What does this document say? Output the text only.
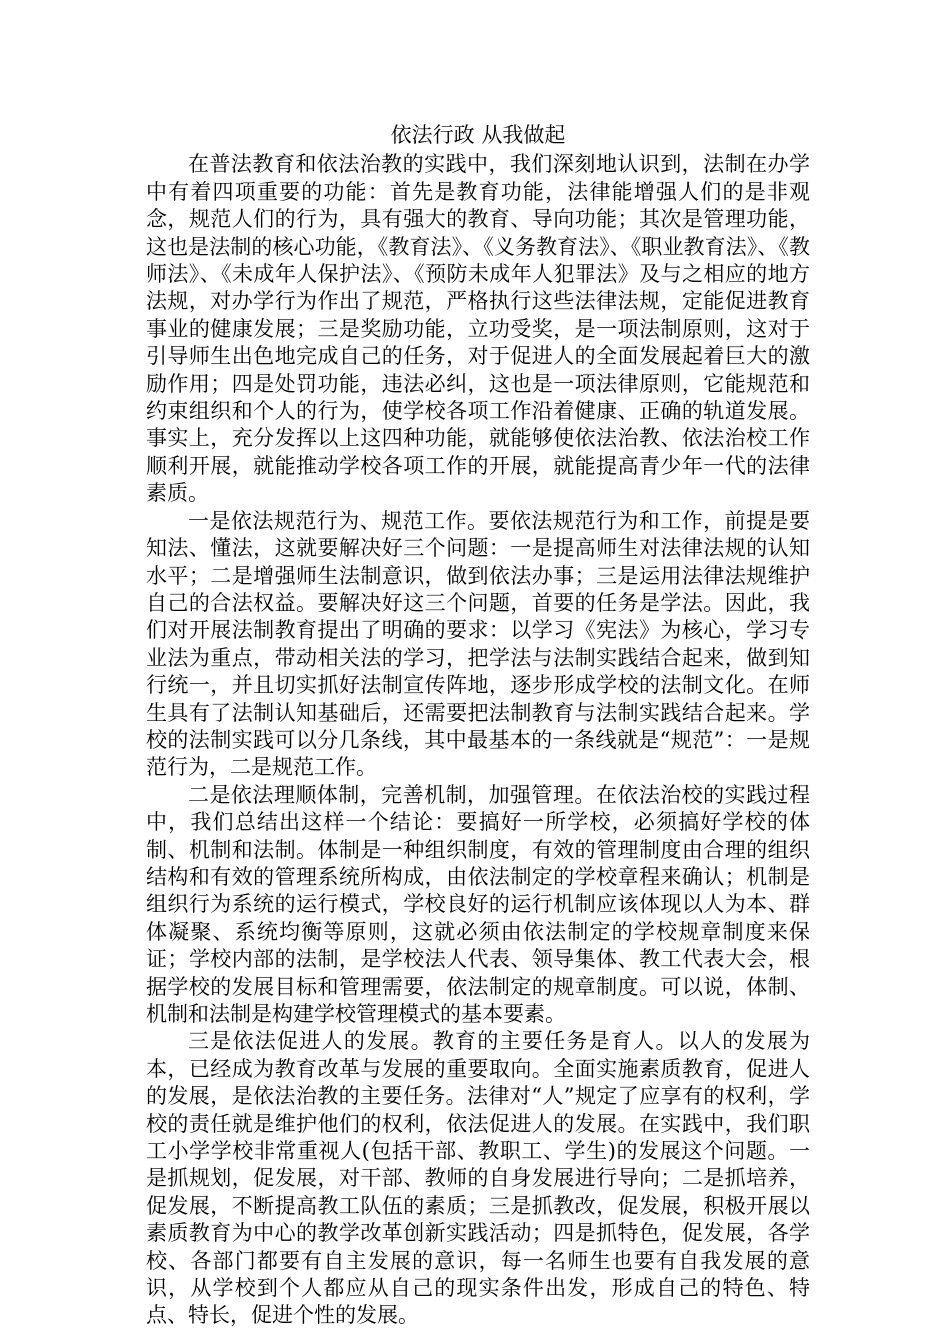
依法行政 从我做起

在普法教育和依法治教的实践中，我们深刻地认识到，法制在办学中有着四项重要的功能：首先是教育功能，法律能增强人们的是非观念，规范人们的行为，具有强大的教育、导向功能；其次是管理功能，这也是法制的核心功能，《教育法》、《义务教育法》、《职业教育法》、《教师法》、《未成年人保护法》、《预防未成年人犯罪法》及与之相应的地方法规，对办学行为作出了规范，严格执行这些法律法规，定能促进教育事业的健康发展；三是奖励功能，立功受奖，是一项法制原则，这对于引导师生出色地完成自己的任务，对于促进人的全面发展起着巨大的激励作用；四是处罚功能，违法必纠，这也是一项法律原则，它能规范和约束组织和个人的行为，使学校各项工作沿着健康、正确的轨道发展。事实上，充分发挥以上这四种功能，就能够使依法治教、依法治校工作顺利开展，就能推动学校各项工作的开展，就能提高青少年一代的法律素质。

一是依法规范行为、规范工作。要依法规范行为和工作，前提是要知法、懂法，这就要解决好三个问题：一是提高师生对法律法规的认知水平；二是增强师生法制意识，做到依法办事；三是运用法律法规维护自己的合法权益。要解决好这三个问题，首要的任务是学法。因此，我们对开展法制教育提出了明确的要求：以学习《宪法》为核心，学习专业法为重点，带动相关法的学习，把学法与法制实践结合起来，做到知行统一，并且切实抓好法制宣传阵地，逐步形成学校的法制文化。在师生具有了法制认知基础后，还需要把法制教育与法制实践结合起来。学校的法制实践可以分几条线，其中最基本的一条线就是“规范”：一是规范行为，二是规范工作。

二是依法理顺体制，完善机制，加强管理。在依法治校的实践过程中，我们总结出这样一个结论：要搞好一所学校，必须搞好学校的体制、机制和法制。体制是一种组织制度，有效的管理制度由合理的组织结构和有效的管理系统所构成，由依法制定的学校章程来确认；机制是组织行为系统的运行模式，学校良好的运行机制应该体现以人为本、群体凝聚、系统均衡等原则，这就必须由依法制定的学校规章制度来保证；学校内部的法制，是学校法人代表、领导集体、教工代表大会，根据学校的发展目标和管理需要，依法制定的规章制度。可以说，体制、机制和法制是构建学校管理模式的基本要素。

三是依法促进人的发展。教育的主要任务是育人。以人的发展为本，已经成为教育改革与发展的重要取向。全面实施素质教育，促进人的发展，是依法治教的主要任务。法律对“人”规定了应享有的权利，学校的责任就是维护他们的权利，依法促进人的发展。在实践中，我们职工小学学校非常重视人(包括干部、教职工、学生)的发展这个问题。一是抓规划，促发展，对干部、教师的自身发展进行导向；二是抓培养，促发展，不断提高教工队伍的素质；三是抓教改，促发展，积极开展以素质教育为中心的教学改革创新实践活动；四是抓特色，促发展，各学校、各部门都要有自主发展的意识，每一名师生也要有自我发展的意识，从学校到个人都应从自己的现实条件出发，形成自己的特色、特点、特长，促进个性的发展。
